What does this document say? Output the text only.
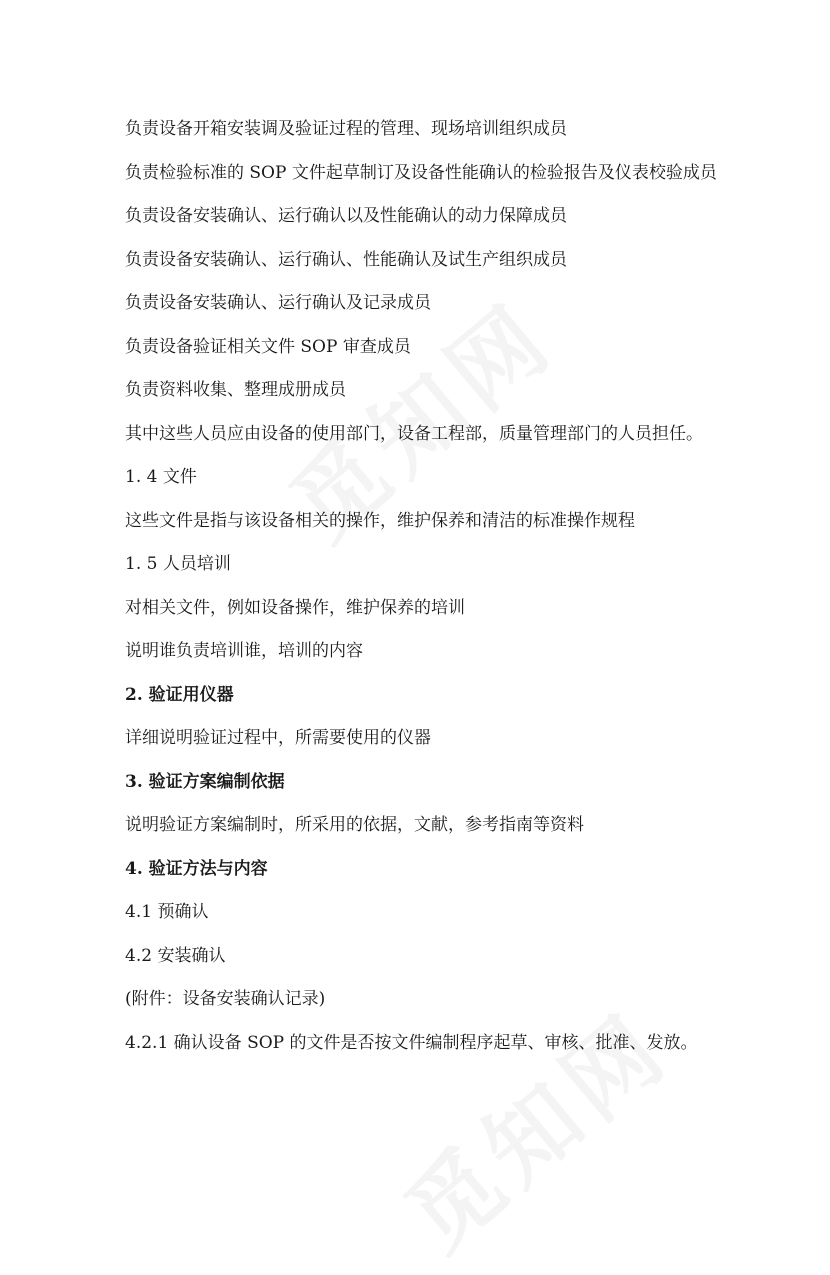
负责设备开箱安装调及验证过程的管理、现场培训组织成员
负责检验标准的 SOP 文件起草制订及设备性能确认的检验报告及仪表校验成员
负责设备安装确认、运行确认以及性能确认的动力保障成员
负责设备安装确认、运行确认、性能确认及试生产组织成员
负责设备安装确认、运行确认及记录成员
负责设备验证相关文件 SOP 审查成员
负责资料收集、整理成册成员
其中这些人员应由设备的使用部门，设备工程部，质量管理部门的人员担任。
1. 4 文件
这些文件是指与该设备相关的操作，维护保养和清洁的标准操作规程
1. 5 人员培训
对相关文件，例如设备操作，维护保养的培训
说明谁负责培训谁，培训的内容
2. 验证用仪器
详细说明验证过程中，所需要使用的仪器
3. 验证方案编制依据
说明验证方案编制时，所采用的依据，文献，参考指南等资料
4. 验证方法与内容
4.1 预确认
4.2 安装确认
(附件：设备安装确认记录)
4.2.1 确认设备 SOP 的文件是否按文件编制程序起草、审核、批准、发放。
